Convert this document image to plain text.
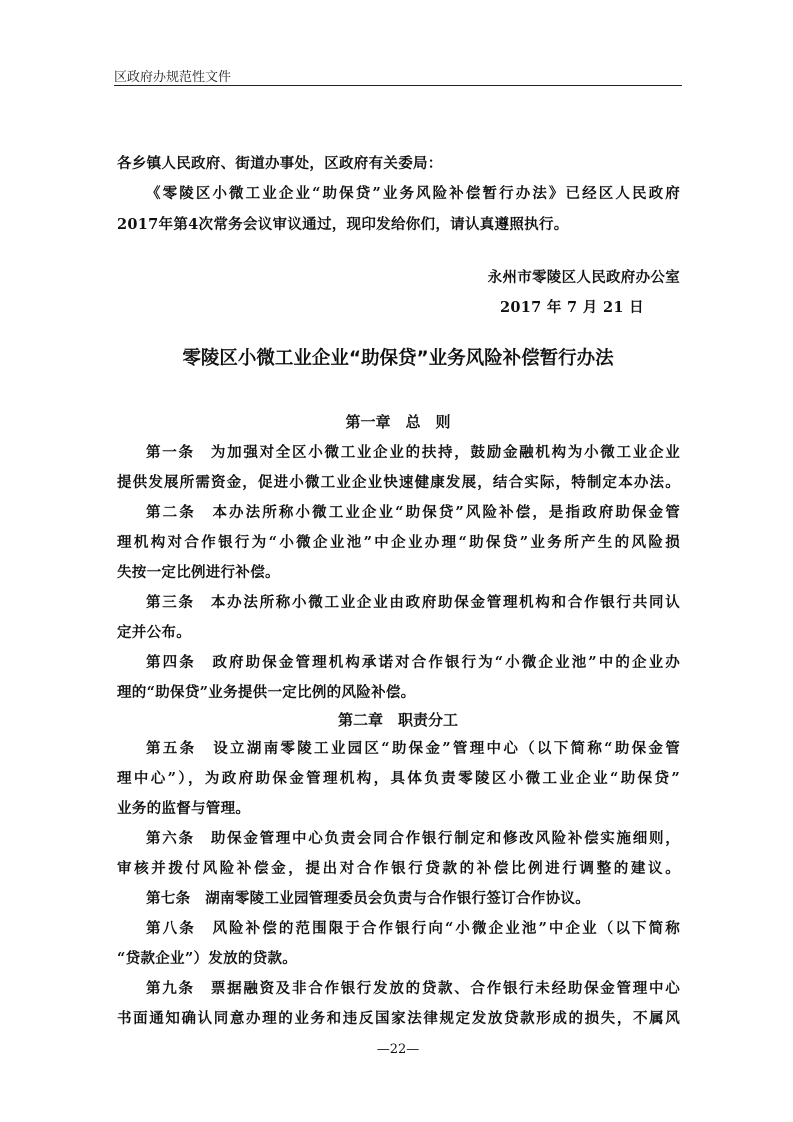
区政府办规范性文件
各乡镇人民政府、街道办事处，区政府有关委局：
《零陵区小微工业企业“助保贷”业务风险补偿暂行办法》已经区人民政府
2017年第4次常务会议审议通过，现印发给你们，请认真遵照执行。
永州市零陵区人民政府办公室
2017 年 7 月 21 日
零陵区小微工业企业“助保贷”业务风险补偿暂行办法
第一章　总　则
第一条　为加强对全区小微工业企业的扶持，鼓励金融机构为小微工业企业
提供发展所需资金，促进小微工业企业快速健康发展，结合实际，特制定本办法。
第二条　本办法所称小微工业企业“助保贷”风险补偿，是指政府助保金管
理机构对合作银行为“小微企业池”中企业办理“助保贷”业务所产生的风险损
失按一定比例进行补偿。
第三条　本办法所称小微工业企业由政府助保金管理机构和合作银行共同认
定并公布。
第四条　政府助保金管理机构承诺对合作银行为“小微企业池”中的企业办
理的“助保贷”业务提供一定比例的风险补偿。
第二章　职责分工
第五条　设立湖南零陵工业园区“助保金”管理中心（以下简称“助保金管
理中心”），为政府助保金管理机构，具体负责零陵区小微工业企业“助保贷”
业务的监督与管理。
第六条　助保金管理中心负责会同合作银行制定和修改风险补偿实施细则，
审核并拨付风险补偿金，提出对合作银行贷款的补偿比例进行调整的建议。
第七条　湖南零陵工业园管理委员会负责与合作银行签订合作协议。
第八条　风险补偿的范围限于合作银行向“小微企业池”中企业（以下简称
“贷款企业”）发放的贷款。
第九条　票据融资及非合作银行发放的贷款、合作银行未经助保金管理中心
书面通知确认同意办理的业务和违反国家法律规定发放贷款形成的损失，不属风
—22—
